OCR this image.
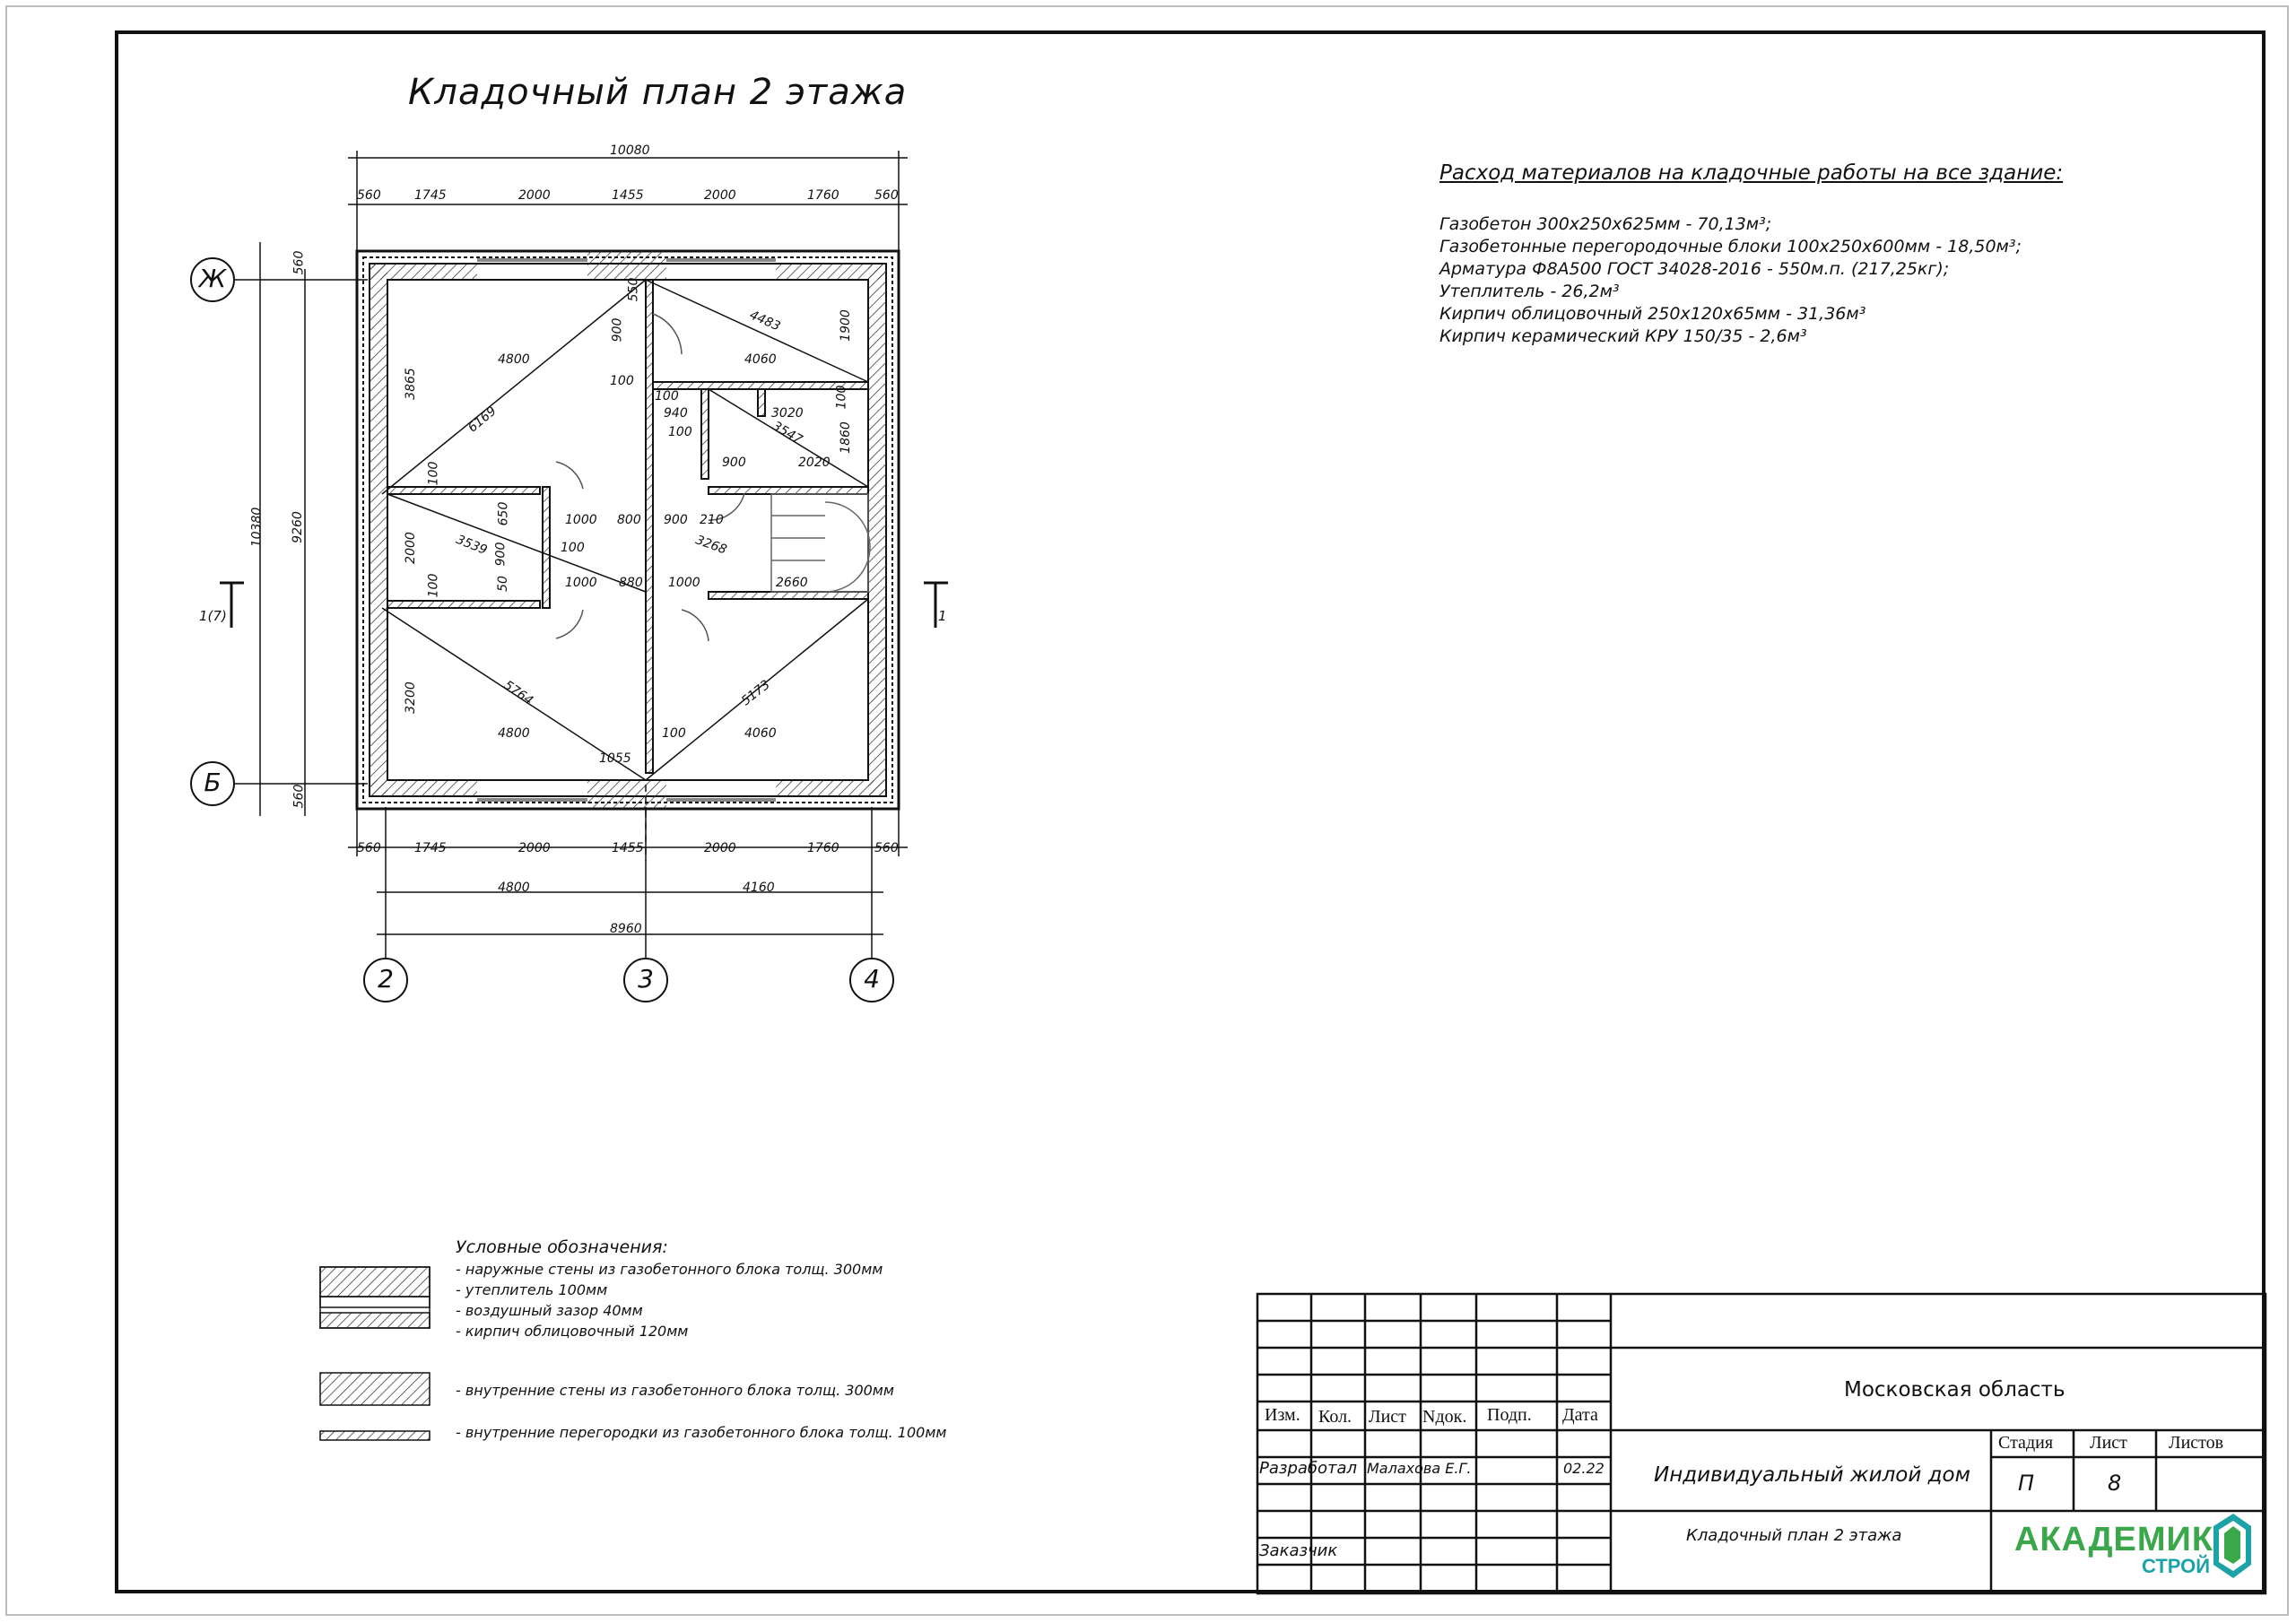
Кладочный план 2 этажа
Ж
Б
2	3	4
1(7)	1
10080
560	1745	2000	1455	2000	1760	560
560	1745	2000	1455	2000	1760	560
4800	4160
8960
10380 9260
560
560
4483	1900
550
900
4800	4060
3865
6169
100
100
940	3020
100	1860
3547
100	900	2020
100
650	1000 800 900 210
3268
2000	3539 900	100
2660
50	1000 880 1000
100
3200	5764	5173
4800	100	4060
1055
Расход материалов на кладочные работы на все здание:
Газобетон 300х250х625мм - 70,13м³;
Газобетонные перегородочные блоки 100х250х600мм - 18,50м³;
Арматура Ф8А500 ГОСТ 34028-2016 - 550м.п. (217,25кг);
Утеплитель - 26,2м³
Кирпич облицовочный 250х120х65мм - 31,36м³
Кирпич керамический КРУ 150/35 - 2,6м³
Условные обозначения:
- наружные стены из газобетонного блока толщ. 300мм
- утеплитель 100мм
- воздушный зазор 40мм
- кирпич облицовочный 120мм
- внутренние стены из газобетонного блока толщ. 300мм
- внутренние перегородки из газобетонного блока толщ. 100мм
Изм. Кол. Лист Nдок. Подп. Дата
Разработал Малахова Е.Г.	02.22
Заказчик
Московская область
Индивидуальный жилой дом
Кладочный план 2 этажа
Стадия Лист Листов
П	8
АКАДЕМИК
СТРОЙ
